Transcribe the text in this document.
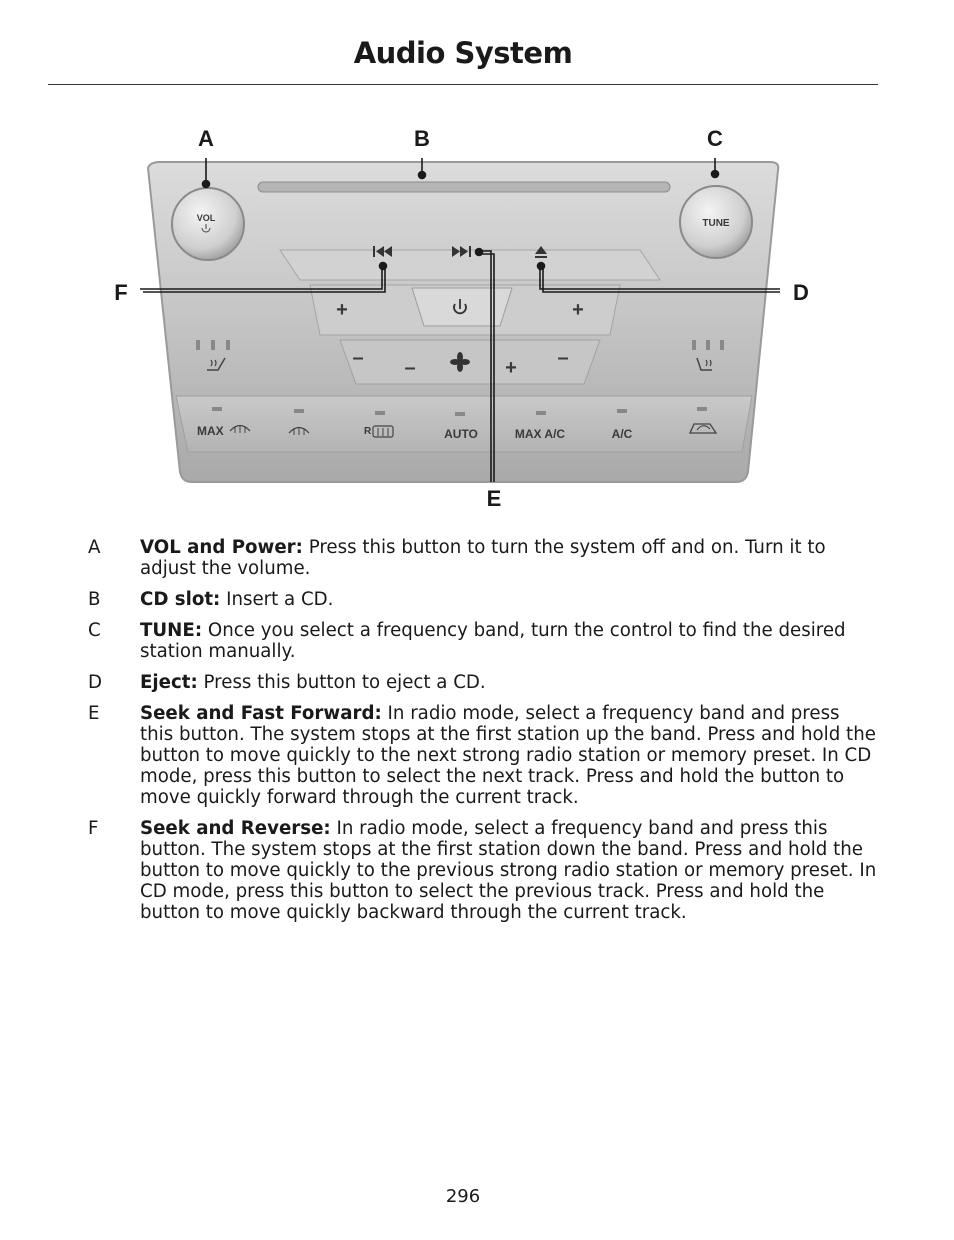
Audio System
VOL	TUNE
+	+
–	–
–	+
MAX	R	AUTO	MAX A/C	A/C
A	B	C
D
E
F
A	VOL and Power: Press this button to turn the system off and on. Turn it to adjust the volume.
B	CD slot: Insert a CD.
C	TUNE: Once you select a frequency band, turn the control to find the desired station manually.
D	Eject: Press this button to eject a CD.
E	Seek and Fast Forward: In radio mode, select a frequency band and press this button. The system stops at the first station up the band. Press and hold the button to move quickly to the next strong radio station or memory preset. In CD mode, press this button to select the next track. Press and hold the button to move quickly forward through the current track.
F	Seek and Reverse: In radio mode, select a frequency band and press this button. The system stops at the first station down the band. Press and hold the button to move quickly to the previous strong radio station or memory preset. In CD mode, press this button to select the previous track. Press and hold the button to move quickly backward through the current track.
296
